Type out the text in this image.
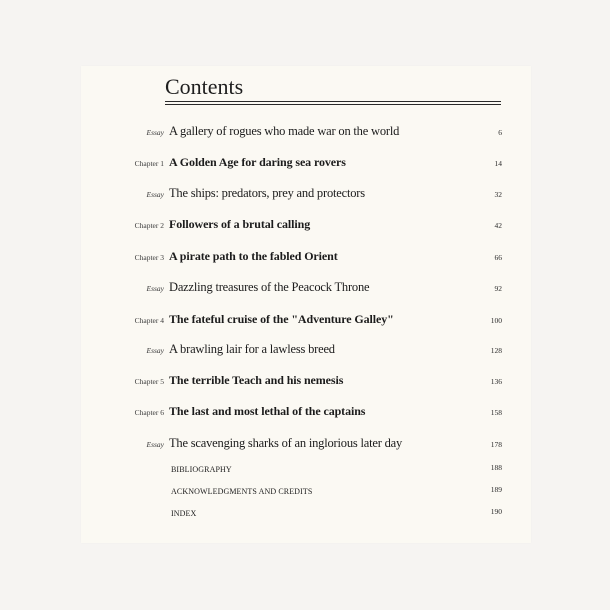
Contents
Essay A gallery of rogues who made war on the world	6
Chapter 1 A Golden Age for daring sea rovers	14
Essay The ships: predators, prey and protectors	32
Chapter 2 Followers of a brutal calling	42
Chapter 3 A pirate path to the fabled Orient	66
Essay Dazzling treasures of the Peacock Throne	92
Chapter 4 The fateful cruise of the "Adventure Galley"	100
Essay A brawling lair for a lawless breed	128
Chapter 5 The terrible Teach and his nemesis	136
Chapter 6 The last and most lethal of the captains	158
Essay The scavenging sharks of an inglorious later day	178
BIBLIOGRAPHY	188
ACKNOWLEDGMENTS AND CREDITS	189
INDEX	190
